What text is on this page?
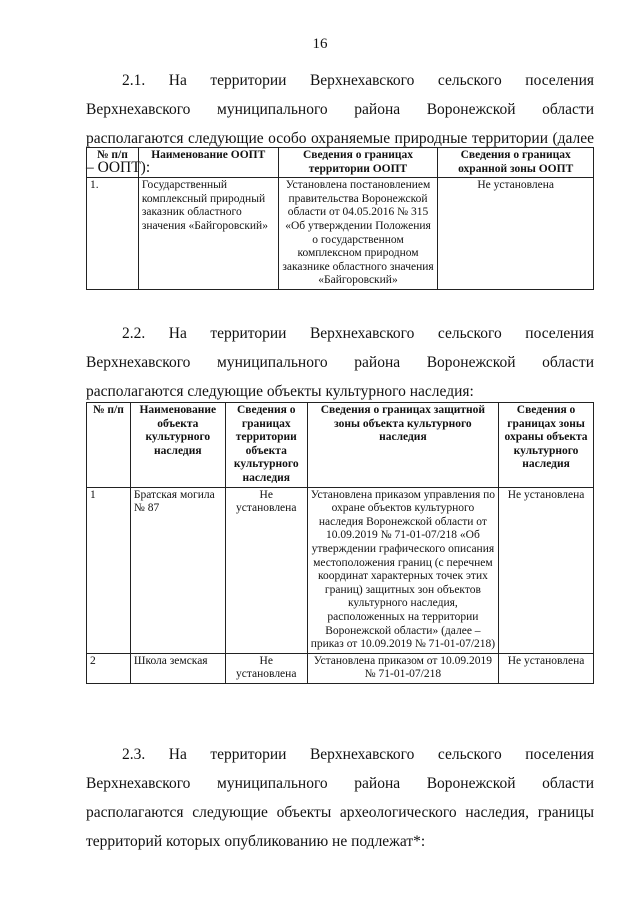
16
2.1. На территории Верхнехавского сельского поселения Верхнехавского муниципального района Воронежской области располагаются следующие особо охраняемые природные территории (далее – ООПТ):
№ п/п	Наименование ООПТ	Сведения о границах территории ООПТ	Сведения о границах охранной зоны ООПТ
1.	Государственный комплексный природный заказник областного значения «Байгоровский»	Установлена постановлением правительства Воронежской области от 04.05.2016 № 315 «Об утверждении Положения о государственном комплексном природном заказнике областного значения «Байгоровский»	Не установлена
2.2. На территории Верхнехавского сельского поселения Верхнехавского муниципального района Воронежской области располагаются следующие объекты культурного наследия:
№ п/п	Наименование объекта культурного наследия	Сведения о границах территории объекта культурного наследия	Сведения о границах защитной зоны объекта культурного наследия	Сведения о границах зоны охраны объекта культурного наследия
1	Братская могила № 87	Не установлена	Установлена приказом управления по охране объектов культурного наследия Воронежской области от 10.09.2019 № 71-01-07/218 «Об утверждении графического описания местоположения границ (с перечнем координат характерных точек этих границ) защитных зон объектов культурного наследия, расположенных на территории Воронежской области» (далее – приказ от 10.09.2019 № 71-01-07/218)	Не установлена
2	Школа земская	Не установлена	Установлена приказом от 10.09.2019 № 71-01-07/218	Не установлена
2.3. На территории Верхнехавского сельского поселения
Верхнехавского муниципального района Воронежской области
располагаются следующие объекты археологического наследия, границы
территорий которых опубликованию не подлежат*:
